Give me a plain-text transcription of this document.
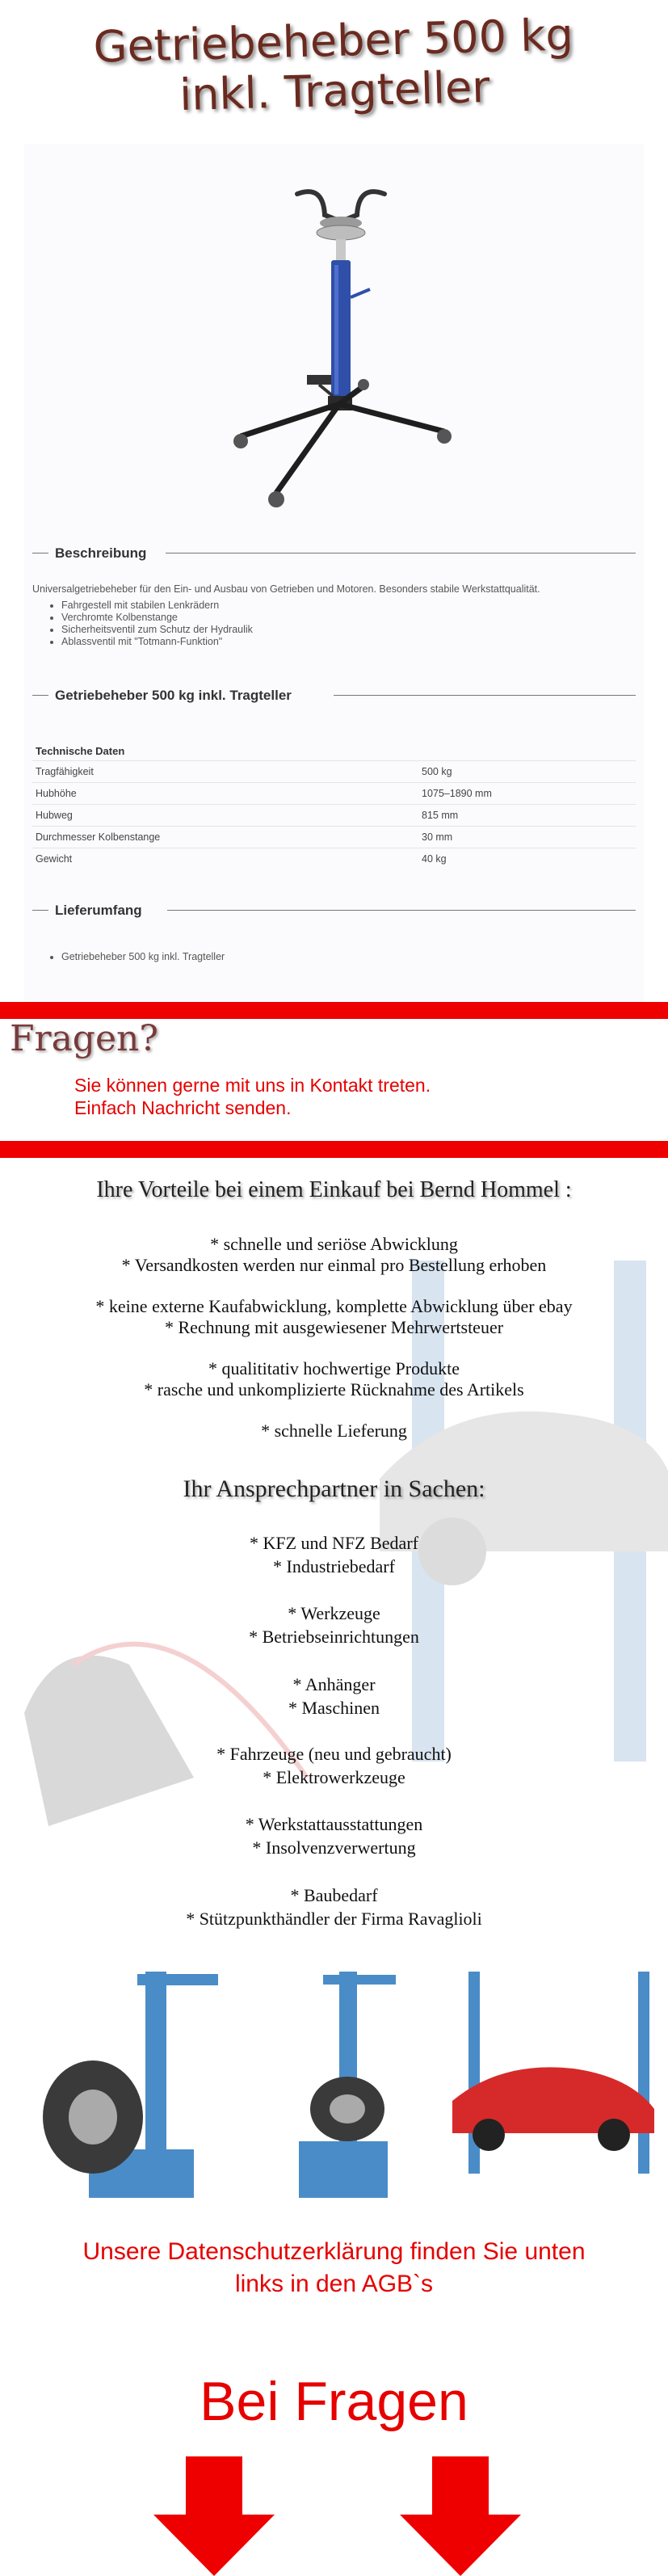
Getriebeheber 500 kg
inkl. Tragteller
Beschreibung
Universalgetriebeheber für den Ein- und Ausbau von Getrieben und Motoren. Besonders stabile Werkstattqualität.
• Fahrgestell mit stabilen Lenkrädern
• Verchromte Kolbenstange
• Sicherheitsventil zum Schutz der Hydraulik
• Ablassventil mit "Totmann-Funktion"
Getriebeheber 500 kg inkl. Tragteller
Technische Daten
Tragfähigkeit	500 kg
Hubhöhe	1075–1890 mm
Hubweg	815 mm
Durchmesser Kolbenstange	30 mm
Gewicht	40 kg
Lieferumfang
• Getriebeheber 500 kg inkl. Tragteller
Fragen?
Sie können gerne mit uns in Kontakt treten.
Einfach Nachricht senden.
Ihre Vorteile bei einem Einkauf bei Bernd Hommel :
* schnelle und seriöse Abwicklung
* Versandkosten werden nur einmal pro Bestellung erhoben
* keine externe Kaufabwicklung, komplette Abwicklung über ebay
* Rechnung mit ausgewiesener Mehrwertsteuer
* qualititativ hochwertige Produkte
* rasche und unkomplizierte Rücknahme des Artikels
* schnelle Lieferung
Ihr Ansprechpartner in Sachen:
* KFZ und NFZ Bedarf
* Industriebedarf
* Werkzeuge
* Betriebseinrichtungen
* Anhänger
* Maschinen
* Fahrzeuge (neu und gebraucht)
* Elektrowerkzeuge
* Werkstattausstattungen
* Insolvenzverwertung
* Baubedarf
* Stützpunkthändler der Firma Ravaglioli
Unsere Datenschutzerklärung finden Sie unten
links in den AGB`s
Bei Fragen
